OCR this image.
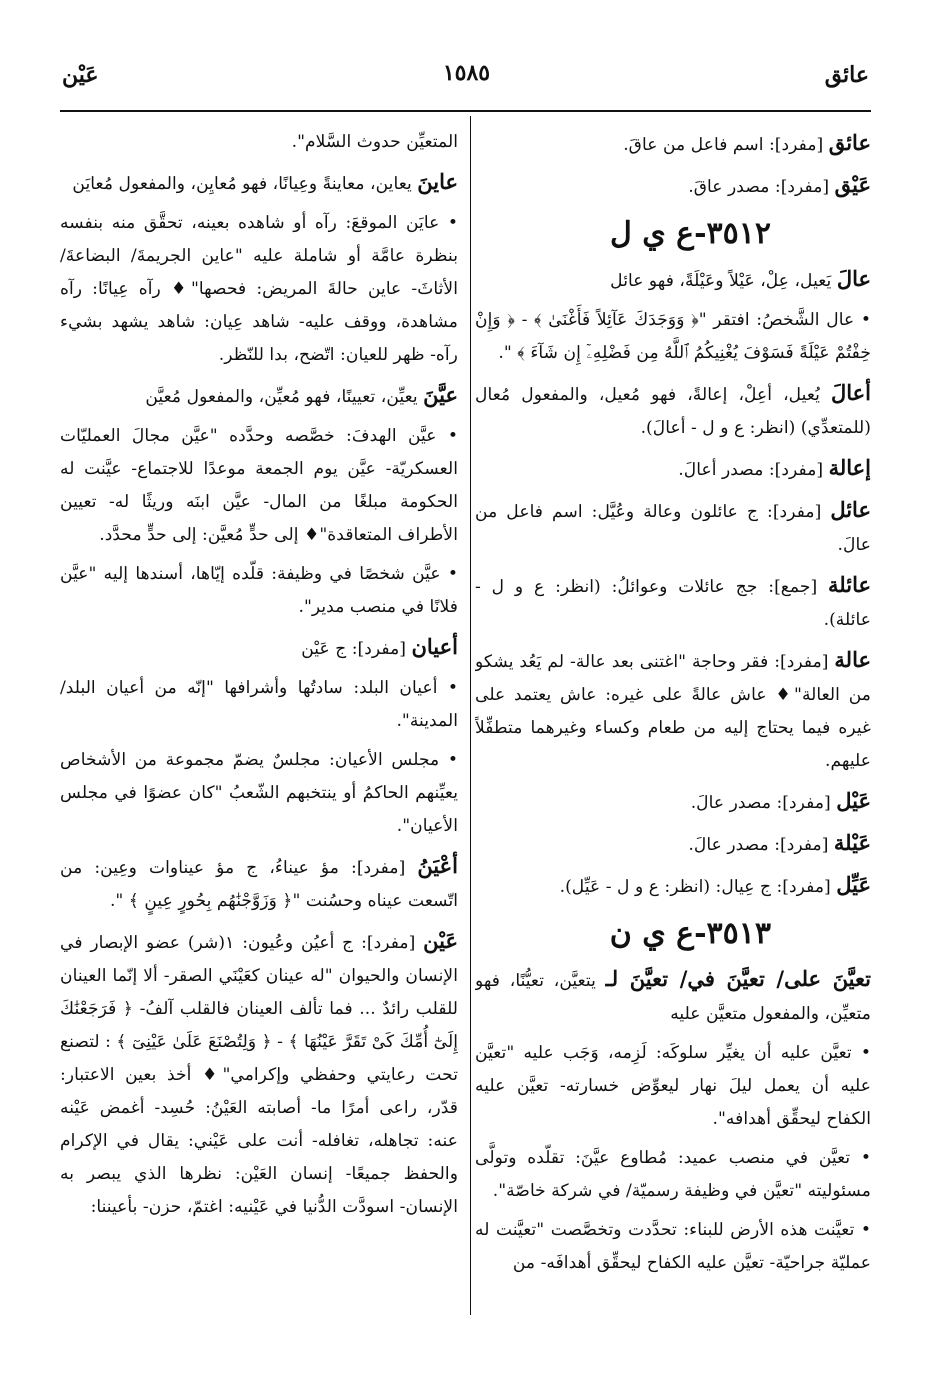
عائق
١٥٨٥
عَيْن
عائق [مفرد]: اسم فاعل من عاقَ.
عَيْق [مفرد]: مصدر عاقَ.
٣٥١٢-ع ي ل
عالَ يَعيل، عِلْ، عَيْلاً وعَيْلَةً، فهو عائل
• عال الشَّخصُ: افتقر "﴿ وَوَجَدَكَ عَآئِلاً فَأَغْنَىٰ ﴾ - ﴿ وَإِنْ خِفْتُمْ عَيْلَةً فَسَوْفَ يُغْنِيكُمُ ٱللَّهُ مِن فَضْلِهِۦٓ إِن شَآءَ ﴾ ".
أعالَ يُعيل، أعِلْ، إعالةً، فهو مُعيل، والمفعول مُعال (للمتعدِّي) (انظر: ع و ل - أعالَ).
إعالة [مفرد]: مصدر أعالَ.
عائل [مفرد]: ج عائلون وعالة وعُيَّل: اسم فاعل من عالَ.
عائلة [جمع]: جج عائلات وعوائلُ: (انظر: ع و ل - عائلة).
عالة [مفرد]: فقر وحاجة "اغتنى بعد عالة- لم يَعُد يشكو من العالة"♦ عاش عالةً على غيره: عاش يعتمد على غيره فيما يحتاج إليه من طعام وكساء وغيرهما متطفِّلاً عليهم.
عَيْل [مفرد]: مصدر عالَ.
عَيْلة [مفرد]: مصدر عالَ.
عَيِّل [مفرد]: ج عِيال: (انظر: ع و ل - عَيِّل).
٣٥١٣-ع ي ن
تعيَّنَ على/ تعيَّنَ في/ تعيَّنَ لـ يتعيَّن، تعيُّنًا، فهو متعيِّن، والمفعول متعيَّن عليه
• تعيَّن عليه أن يغيِّر سلوكَه: لَزِمه، وَجَب عليه "تعيَّن عليه أن يعمل ليلَ نهار ليعوِّض خسارته- تعيَّن عليه الكفاح ليحقِّق أهدافه".
• تعيَّن في منصب عميد: مُطاوع عيَّنَ: تقلّده وتولَّى مسئوليته "تعيَّن في وظيفة رسميّة/ في شركة خاصّة".
• تعيَّنت هذه الأرض للبناء: تحدَّدت وتخصَّصت "تعيَّنت له عمليّة جراحيّة- تعيَّن عليه الكفاح ليحقِّق أهدافَه- من
المتعيِّن حدوث السَّلام".
عاينَ يعاين، معاينةً وعِيانًا، فهو مُعايِن، والمفعول مُعايَن
• عايَن الموقعَ: رآه أو شاهده بعينه، تحقَّق منه بنفسه بنظرة عامَّة أو شاملة عليه "عاين الجريمةَ/ البضاعةَ/ الأثاثَ- عاين حالةَ المريض: فحصها"♦ رآه عِيانًا: رآه مشاهدة، ووقف عليه- شاهد عِيان: شاهد يشهد بشيء رآه- ظهر للعيان: اتّضح، بدا للنّظر.
عيَّنَ يعيِّن، تعيينًا، فهو مُعيِّن، والمفعول مُعيَّن
• عيَّن الهدفَ: خصَّصه وحدَّده "عيَّن مجالَ العمليّات العسكريّة- عيَّن يوم الجمعة موعدًا للاجتماع- عيَّنت له الحكومة مبلغًا من المال- عيَّن ابنَه وريثًا له- تعيين الأطراف المتعاقدة"♦ إلى حدٍّ مُعيَّن: إلى حدٍّ محدَّد.
• عيَّن شخصًا في وظيفة: قلّده إيّاها، أسندها إليه "عيَّن فلانًا في منصب مدير".
أعيان [مفرد]: ج عَيْن
• أعيان البلد: سادتُها وأشرافها "إنّه من أعيان البلد/ المدينة".
• مجلس الأعيان: مجلسٌ يضمّ مجموعة من الأشخاص يعيِّنهم الحاكمُ أو ينتخبهم الشّعبُ "كان عضوًا في مجلس الأعيان".
أعْيَنُ [مفرد]: مؤ عيناءُ، ج مؤ عيناوات وعِين: من اتّسعت عيناه وحسُنت "﴿ وَزَوَّجْنَٰهُم بِحُورٍ عِينٍ ﴾ ".
عَيْن [مفرد]: ج أعيُن وعُيون: ١(شر) عضو الإبصار في الإنسان والحيوان "له عينان كعَيْنَي الصقر- ألا إنّما العينان للقلب رائدٌ ... فما تألف العينان فالقلب آلفُ- ﴿ فَرَجَعْنَٰكَ إِلَىٰٓ أُمِّكَ كَىْ تَقَرَّ عَيْنُهَا ﴾ - ﴿ وَلِتُصْنَعَ عَلَىٰ عَيْنِىٓ ﴾ : لتصنع تحت رعايتي وحفظي وإكرامي"♦ أخذ بعين الاعتبار: قدّر، راعى أمرًا ما- أصابته العَيْنُ: حُسِد- أغمض عَيْنه عنه: تجاهله، تغافله- أنت على عَيْني: يقال في الإكرام والحفظ جميعًا- إنسان العَيْن: نظرها الذي يبصر به الإنسان- اسودَّت الدُّنيا في عَيْنيه: اغتمّ، حزن- بأعيننا:
